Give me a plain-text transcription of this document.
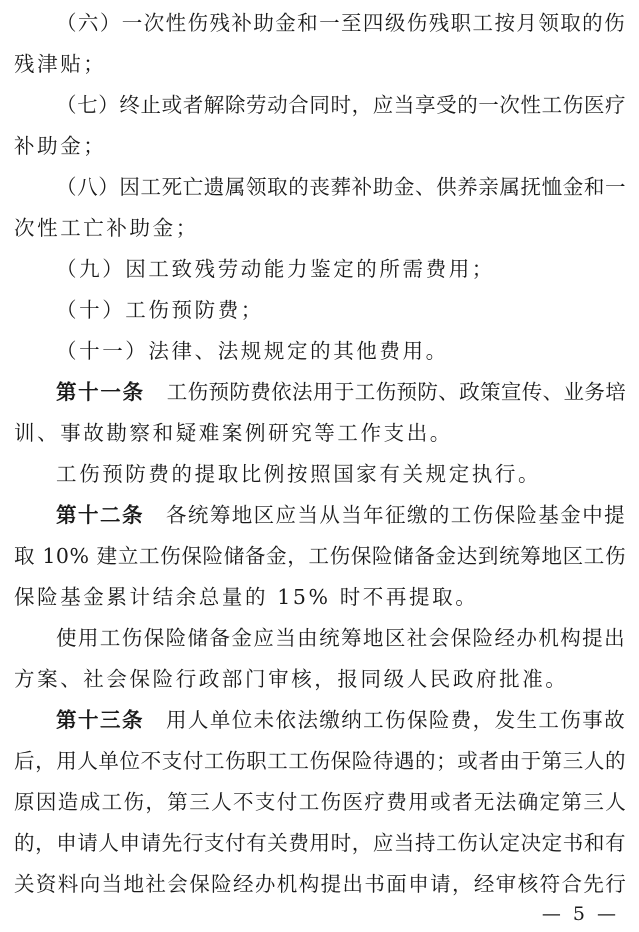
（六）一次性伤残补助金和一至四级伤残职工按月领取的伤
残津贴；
（七）终止或者解除劳动合同时，应当享受的一次性工伤医疗
补助金；
（八）因工死亡遗属领取的丧葬补助金、供养亲属抚恤金和一
次性工亡补助金；
（九）因工致残劳动能力鉴定的所需费用；
（十）工伤预防费；
（十一）法律、法规规定的其他费用。
第十一条 工伤预防费依法用于工伤预防、政策宣传、业务培
训、事故勘察和疑难案例研究等工作支出。
工伤预防费的提取比例按照国家有关规定执行。
第十二条 各统筹地区应当从当年征缴的工伤保险基金中提
取 10% 建立工伤保险储备金，工伤保险储备金达到统筹地区工伤
保险基金累计结余总量的 15% 时不再提取。
使用工伤保险储备金应当由统筹地区社会保险经办机构提出
方案、社会保险行政部门审核，报同级人民政府批准。
第十三条 用人单位未依法缴纳工伤保险费，发生工伤事故
后，用人单位不支付工伤职工工伤保险待遇的；或者由于第三人的
原因造成工伤，第三人不支付工伤医疗费用或者无法确定第三人
的，申请人申请先行支付有关费用时，应当持工伤认定决定书和有
关资料向当地社会保险经办机构提出书面申请，经审核符合先行
— 5 —
